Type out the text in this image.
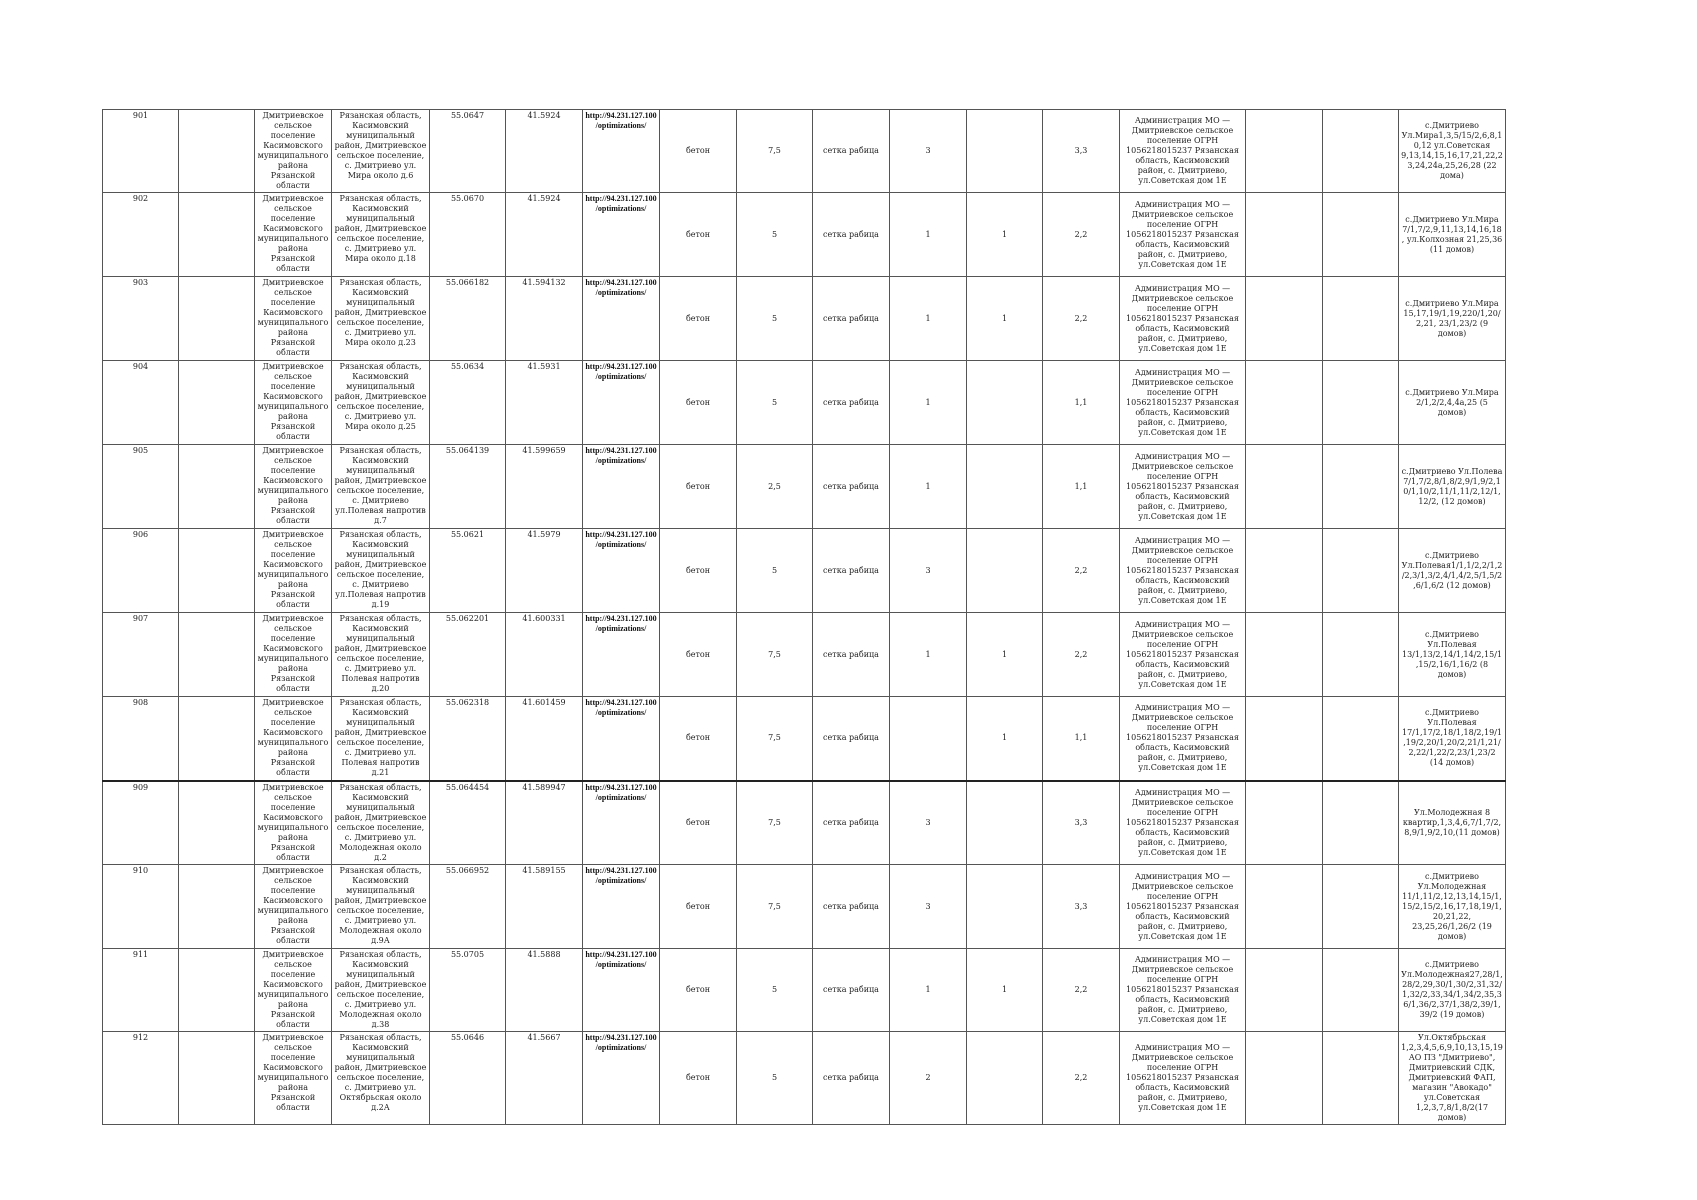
901		Дмитриевское сельское поселение Касимовского муниципального района Рязанской области	Рязанская область, Касимовский муниципальный район, Дмитриевское сельское поселение, с. Дмитриево ул. Мира около д.6	55.0647	41.5924	http://94.231.127.100/optimizations/	бетон	7,5	сетка рабица	3		3,3	Администрация МО — Дмитриевское сельское поселение ОГРН 1056218015237 Рязанская область, Касимовский район, с. Дмитриево, ул.Советская дом 1Е			с.Дмитриево Ул.Мира1,3,5/15/2,6,8,10,12 ул.Советская 9,13,14,15,16,17,21,22,23,24,24а,25,26,28 (22 дома)
902		Дмитриевское сельское поселение Касимовского муниципального района Рязанской области	Рязанская область, Касимовский муниципальный район, Дмитриевское сельское поселение, с. Дмитриево ул. Мира около д.18	55.0670	41.5924	http://94.231.127.100/optimizations/	бетон	5	сетка рабица	1	1	2,2	Администрация МО — Дмитриевское сельское поселение ОГРН 1056218015237 Рязанская область, Касимовский район, с. Дмитриево, ул.Советская дом 1Е			с.Дмитриево Ул.Мира 7/1,7/2,9,11,13,14,16,18, ул.Колхозная 21,25,36 (11 домов)
903		Дмитриевское сельское поселение Касимовского муниципального района Рязанской области	Рязанская область, Касимовский муниципальный район, Дмитриевское сельское поселение, с. Дмитриево ул. Мира около д.23	55.066182	41.594132	http://94.231.127.100/optimizations/	бетон	5	сетка рабица	1	1	2,2	Администрация МО — Дмитриевское сельское поселение ОГРН 1056218015237 Рязанская область, Касимовский район, с. Дмитриево, ул.Советская дом 1Е			с.Дмитриево Ул.Мира 15,17,19/1,19,220/1,20/2,21, 23/1,23/2 (9 домов)
904		Дмитриевское сельское поселение Касимовского муниципального района Рязанской области	Рязанская область, Касимовский муниципальный район, Дмитриевское сельское поселение, с. Дмитриево ул. Мира около д.25	55.0634	41.5931	http://94.231.127.100/optimizations/	бетон	5	сетка рабица	1		1,1	Администрация МО — Дмитриевское сельское поселение ОГРН 1056218015237 Рязанская область, Касимовский район, с. Дмитриево, ул.Советская дом 1Е			с.Дмитриево Ул.Мира 2/1,2/2,4,4а,25 (5 домов)
905		Дмитриевское сельское поселение Касимовского муниципального района Рязанской области	Рязанская область, Касимовский муниципальный район, Дмитриевское сельское поселение, с. Дмитриево ул.Полевая напротив д.7	55.064139	41.599659	http://94.231.127.100/optimizations/	бетон	2,5	сетка рабица	1		1,1	Администрация МО — Дмитриевское сельское поселение ОГРН 1056218015237 Рязанская область, Касимовский район, с. Дмитриево, ул.Советская дом 1Е			с.Дмитриево Ул.Полева 7/1,7/2,8/1,8/2,9/1,9/2,10/1,10/2,11/1,11/2,12/1,12/2, (12 домов)
906		Дмитриевское сельское поселение Касимовского муниципального района Рязанской области	Рязанская область, Касимовский муниципальный район, Дмитриевское сельское поселение, с. Дмитриево ул.Полевая напротив д.19	55.0621	41.5979	http://94.231.127.100/optimizations/	бетон	5	сетка рабица	3		2,2	Администрация МО — Дмитриевское сельское поселение ОГРН 1056218015237 Рязанская область, Касимовский район, с. Дмитриево, ул.Советская дом 1Е			с.Дмитриево Ул.Полевая1/1,1/2,2/1,2/2,3/1,3/2,4/1,4/2,5/1,5/2,6/1,6/2 (12 домов)
907		Дмитриевское сельское поселение Касимовского муниципального района Рязанской области	Рязанская область, Касимовский муниципальный район, Дмитриевское сельское поселение, с. Дмитриево ул. Полевая напротив д.20	55.062201	41.600331	http://94.231.127.100/optimizations/	бетон	7,5	сетка рабица	1	1	2,2	Администрация МО — Дмитриевское сельское поселение ОГРН 1056218015237 Рязанская область, Касимовский район, с. Дмитриево, ул.Советская дом 1Е			с.Дмитриево Ул.Полевая 13/1,13/2,14/1,14/2,15/1,15/2,16/1,16/2 (8 домов)
908		Дмитриевское сельское поселение Касимовского муниципального района Рязанской области	Рязанская область, Касимовский муниципальный район, Дмитриевское сельское поселение, с. Дмитриево ул. Полевая напротив д.21	55.062318	41.601459	http://94.231.127.100/optimizations/	бетон	7,5	сетка рабица		1	1,1	Администрация МО — Дмитриевское сельское поселение ОГРН 1056218015237 Рязанская область, Касимовский район, с. Дмитриево, ул.Советская дом 1Е			с.Дмитриево Ул.Полевая 17/1,17/2,18/1,18/2,19/1,19/2,20/1,20/2,21/1,21/2,22/1,22/2,23/1,23/2 (14 домов)
909		Дмитриевское сельское поселение Касимовского муниципального района Рязанской области	Рязанская область, Касимовский муниципальный район, Дмитриевское сельское поселение, с. Дмитриево ул. Молодежная около д.2	55.064454	41.589947	http://94.231.127.100/optimizations/	бетон	7,5	сетка рабица	3		3,3	Администрация МО — Дмитриевское сельское поселение ОГРН 1056218015237 Рязанская область, Касимовский район, с. Дмитриево, ул.Советская дом 1Е			Ул.Молодежная 8 квартир,1,3,4,6,7/1,7/2,8,9/1,9/2,10,(11 домов)
910		Дмитриевское сельское поселение Касимовского муниципального района Рязанской области	Рязанская область, Касимовский муниципальный район, Дмитриевское сельское поселение, с. Дмитриево ул. Молодежная около д.9А	55.066952	41.589155	http://94.231.127.100/optimizations/	бетон	7,5	сетка рабица	3		3,3	Администрация МО — Дмитриевское сельское поселение ОГРН 1056218015237 Рязанская область, Касимовский район, с. Дмитриево, ул.Советская дом 1Е			с.Дмитриево Ул.Молодежная 11/1,11/2,12,13,14,15/1,15/2,15/2,16,17,18,19/1,20,21,22, 23,25,26/1,26/2 (19 домов)
911		Дмитриевское сельское поселение Касимовского муниципального района Рязанской области	Рязанская область, Касимовский муниципальный район, Дмитриевское сельское поселение, с. Дмитриево ул. Молодежная около д.38	55.0705	41.5888	http://94.231.127.100/optimizations/	бетон	5	сетка рабица	1	1	2,2	Администрация МО — Дмитриевское сельское поселение ОГРН 1056218015237 Рязанская область, Касимовский район, с. Дмитриево, ул.Советская дом 1Е			с.Дмитриево Ул.Молодежная27,28/1,28/2,29,30/1,30/2,31,32/1,32/2,33,34/1,34/2,35,36/1,36/2,37/1,38/2,39/1,39/2 (19 домов)
912		Дмитриевское сельское поселение Касимовского муниципального района Рязанской области	Рязанская область, Касимовский муниципальный район, Дмитриевское сельское поселение, с. Дмитриево ул. Октябрьская около д.2А	55.0646	41.5667	http://94.231.127.100/optimizations/	бетон	5	сетка рабица	2		2,2	Администрация МО — Дмитриевское сельское поселение ОГРН 1056218015237 Рязанская область, Касимовский район, с. Дмитриево, ул.Советская дом 1Е			Ул.Октябрьская 1,2,3,4,5,6,9,10,13,15,19 АО ПЗ "Дмитриево", Дмитриевский СДК, Дмитриевский ФАП, магазин "Авокадо" ул.Советская 1,2,3,7,8/1,8/2(17 домов)
